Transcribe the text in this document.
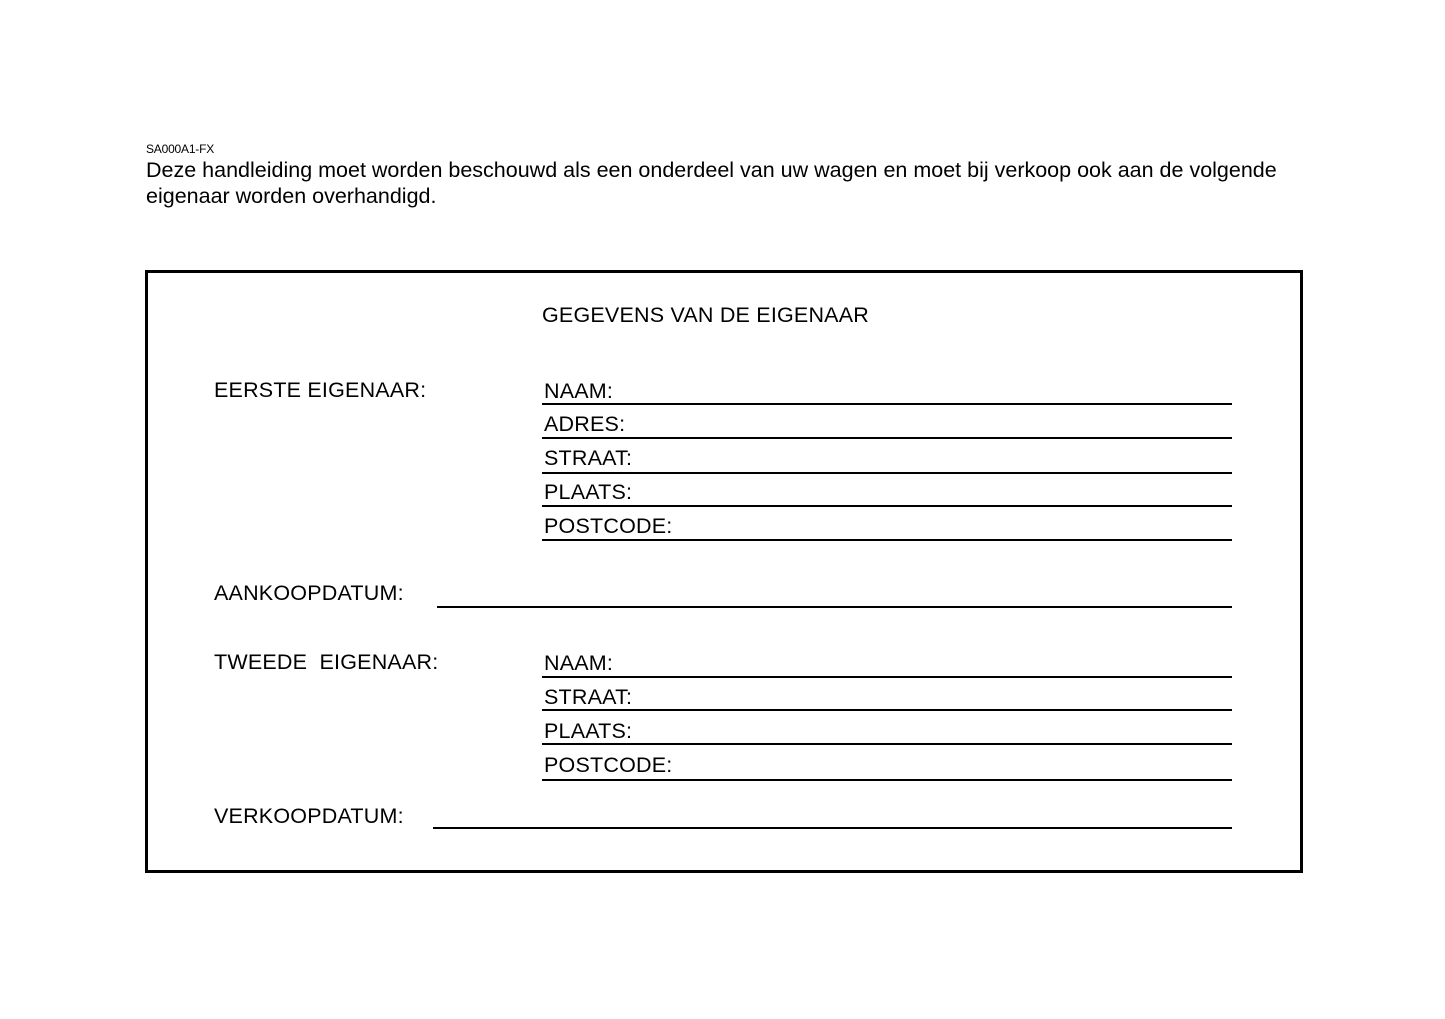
SA000A1-FX
Deze handleiding moet worden beschouwd als een onderdeel van uw wagen en moet bij verkoop ook aan de volgende eigenaar worden overhandigd.
GEGEVENS VAN DE EIGENAAR
EERSTE EIGENAAR:	NAAM:
ADRES:
STRAAT:
PLAATS:
POSTCODE:
AANKOOPDATUM:
TWEEDE  EIGENAAR:	NAAM:
STRAAT:
PLAATS:
POSTCODE:
VERKOOPDATUM:
